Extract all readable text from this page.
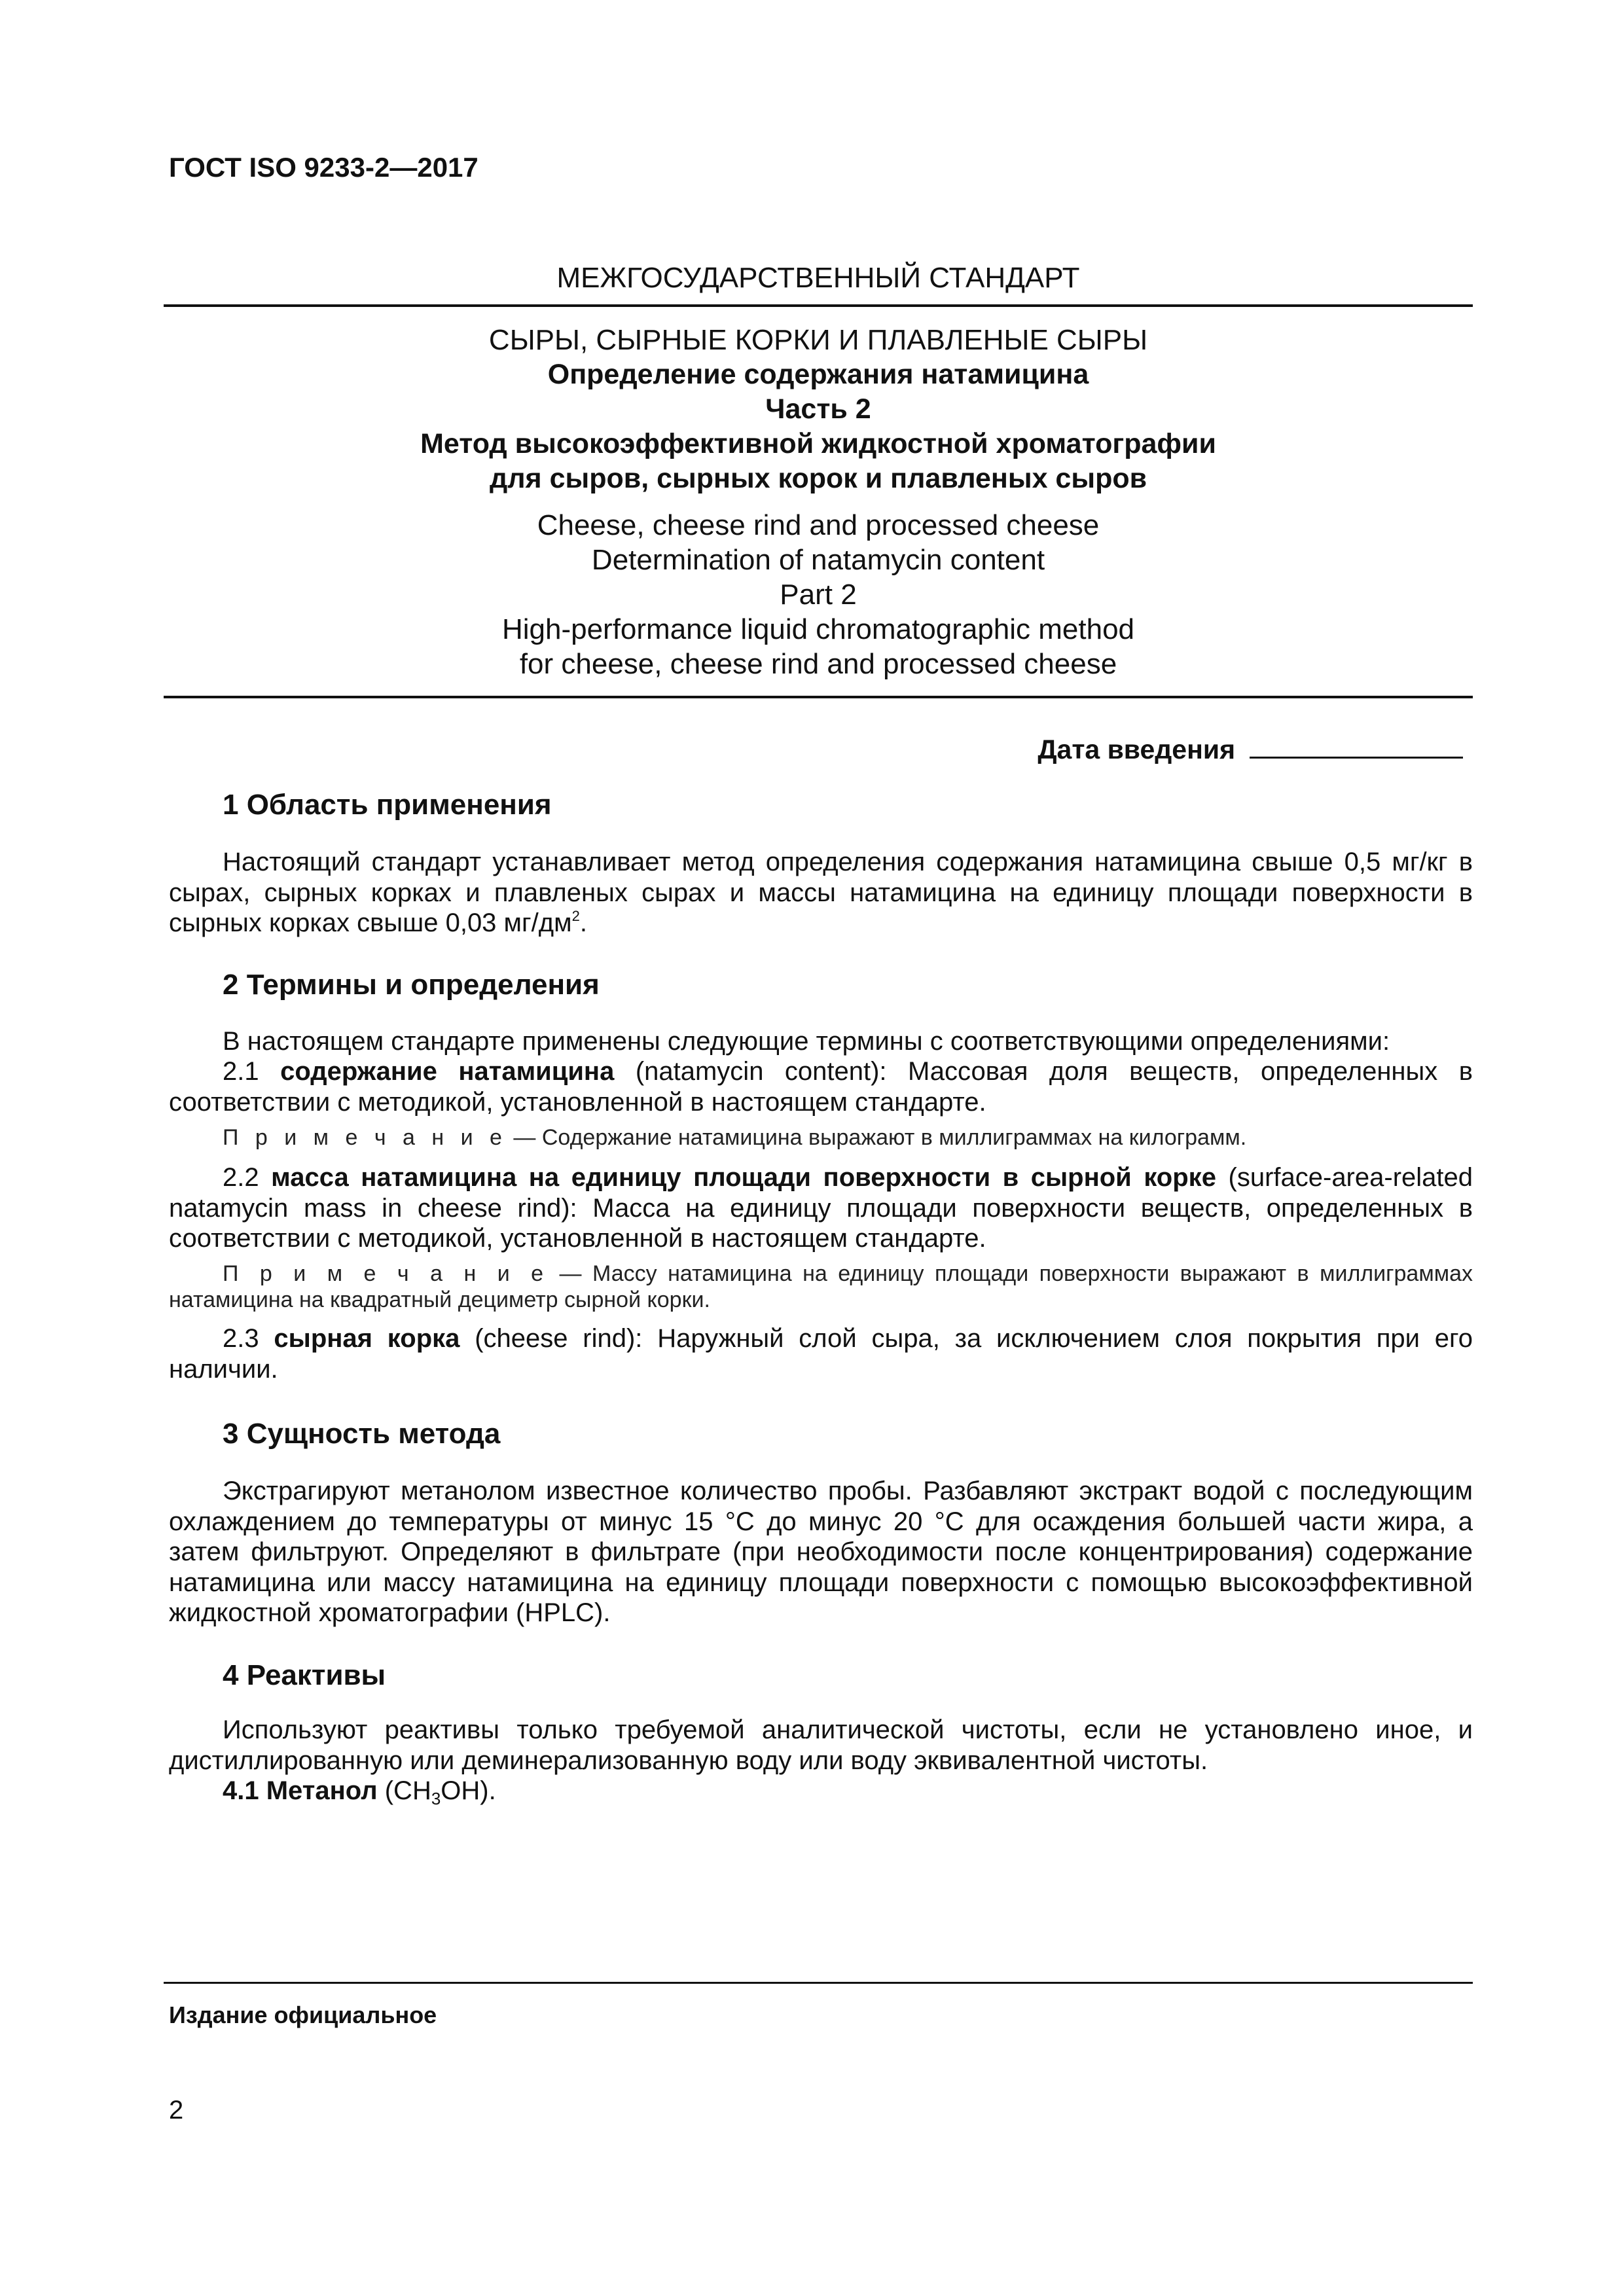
ГОСТ ISO 9233-2—2017
МЕЖГОСУДАРСТВЕННЫЙ СТАНДАРТ
СЫРЫ, СЫРНЫЕ КОРКИ И ПЛАВЛЕНЫЕ СЫРЫ
Определение содержания натамицина
Часть 2
Метод высокоэффективной жидкостной хроматографии
для сыров, сырных корок и плавленых сыров
Cheese, cheese rind and processed cheese
Determination of natamycin content
Part 2
High-performance liquid chromatographic method
for cheese, cheese rind and processed cheese
Дата введения
1 Область применения
Настоящий стандарт устанавливает метод определения содержания натамицина свыше 0,5 мг/кг в сырах, сырных корках и плавленых сырах и массы натамицина на единицу площади поверхности в сырных корках свыше 0,03 $мг/дм^2$.
2 Термины и определения
В настоящем стандарте применены следующие термины с соответствующими определениями:
2.1 содержание натамицина (natamycin content): Массовая доля веществ, определенных в соответствии с методикой, установленной в настоящем стандарте.
П р и м е ч а н и е — Содержание натамицина выражают в миллиграммах на килограмм.
2.2 масса натамицина на единицу площади поверхности в сырной корке (surface-area-related natamycin mass in cheese rind): Масса на единицу площади поверхности веществ, определенных в соответствии с методикой, установленной в настоящем стандарте.
П р и м е ч а н и е — Массу натамицина на единицу площади поверхности выражают в миллиграммах натамицина на квадратный дециметр сырной корки.
2.3 сырная корка (cheese rind): Наружный слой сыра, за исключением слоя покрытия при его наличии.
3 Сущность метода
Экстрагируют метанолом известное количество пробы. Разбавляют экстракт водой с последующим охлаждением до температуры от минус 15 °С до минус 20 °С для осаждения большей части жира, а затем фильтруют. Определяют в фильтрате (при необходимости после концентрирования) содержание натамицина или массу натамицина на единицу площади поверхности с помощью высокоэффективной жидкостной хроматографии (HPLC).
4 Реактивы
Используют реактивы только требуемой аналитической чистоты, если не установлено иное, и дистиллированную или деминерализованную воду или воду эквивалентной чистоты.
4.1 Метанол $(CH_3OH)$.
Издание официальное
2
